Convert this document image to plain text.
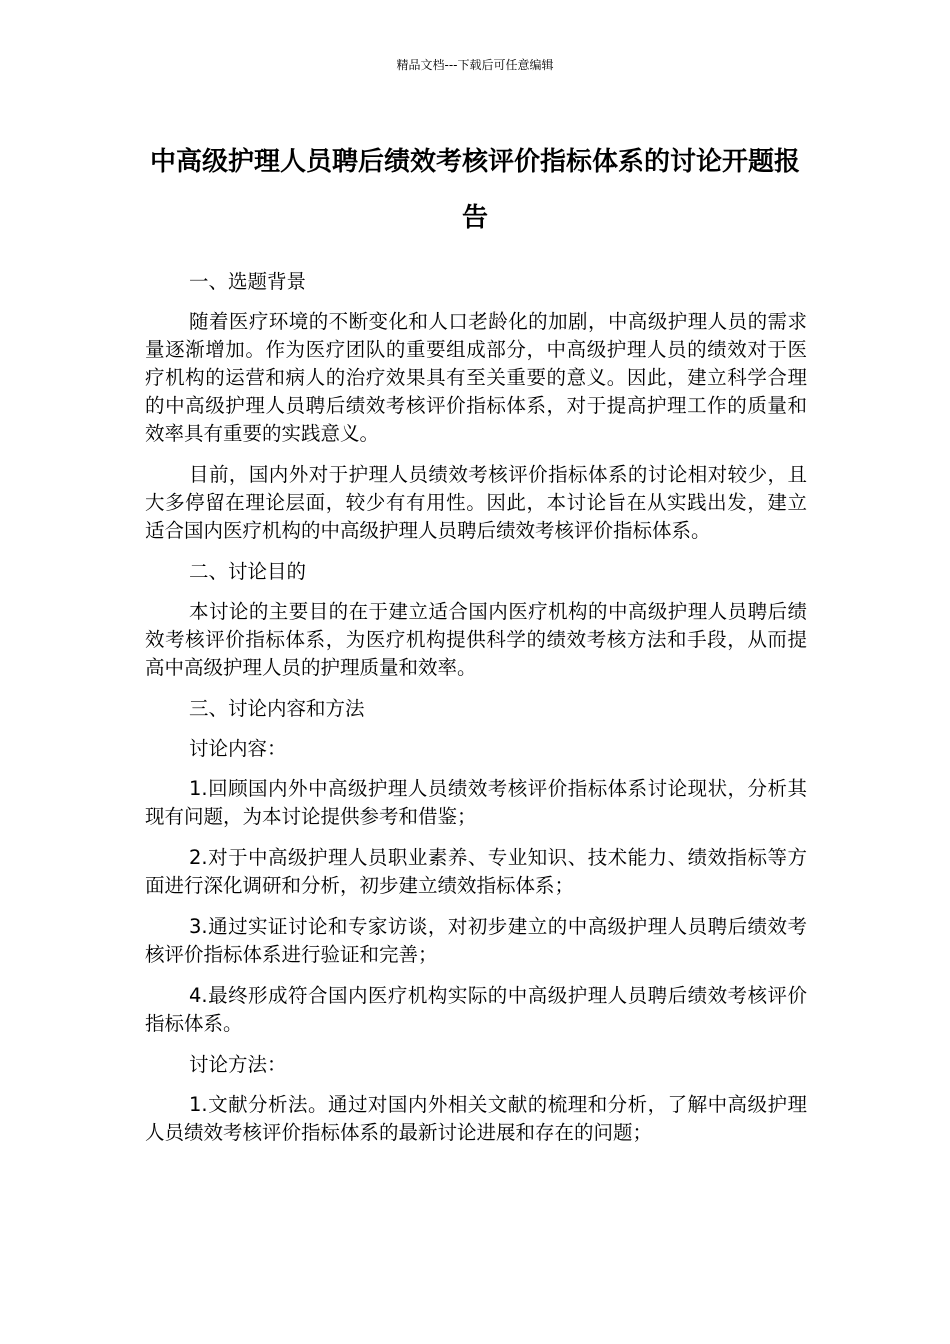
精品文档---下载后可任意编辑
中高级护理人员聘后绩效考核评价指标体系的讨论开题报告

一、选题背景

随着医疗环境的不断变化和人口老龄化的加剧，中高级护理人员的需求量逐渐增加。作为医疗团队的重要组成部分，中高级护理人员的绩效对于医疗机构的运营和病人的治疗效果具有至关重要的意义。因此，建立科学合理的中高级护理人员聘后绩效考核评价指标体系，对于提高护理工作的质量和效率具有重要的实践意义。

目前，国内外对于护理人员绩效考核评价指标体系的讨论相对较少，且大多停留在理论层面，较少有有用性。因此，本讨论旨在从实践出发，建立适合国内医疗机构的中高级护理人员聘后绩效考核评价指标体系。

二、讨论目的

本讨论的主要目的在于建立适合国内医疗机构的中高级护理人员聘后绩效考核评价指标体系，为医疗机构提供科学的绩效考核方法和手段，从而提高中高级护理人员的护理质量和效率。

三、讨论内容和方法

讨论内容：

1.回顾国内外中高级护理人员绩效考核评价指标体系讨论现状，分析其现有问题，为本讨论提供参考和借鉴；

2.对于中高级护理人员职业素养、专业知识、技术能力、绩效指标等方面进行深化调研和分析，初步建立绩效指标体系；

3.通过实证讨论和专家访谈，对初步建立的中高级护理人员聘后绩效考核评价指标体系进行验证和完善；

4.最终形成符合国内医疗机构实际的中高级护理人员聘后绩效考核评价指标体系。

讨论方法：

1.文献分析法。通过对国内外相关文献的梳理和分析，了解中高级护理人员绩效考核评价指标体系的最新讨论进展和存在的问题；
